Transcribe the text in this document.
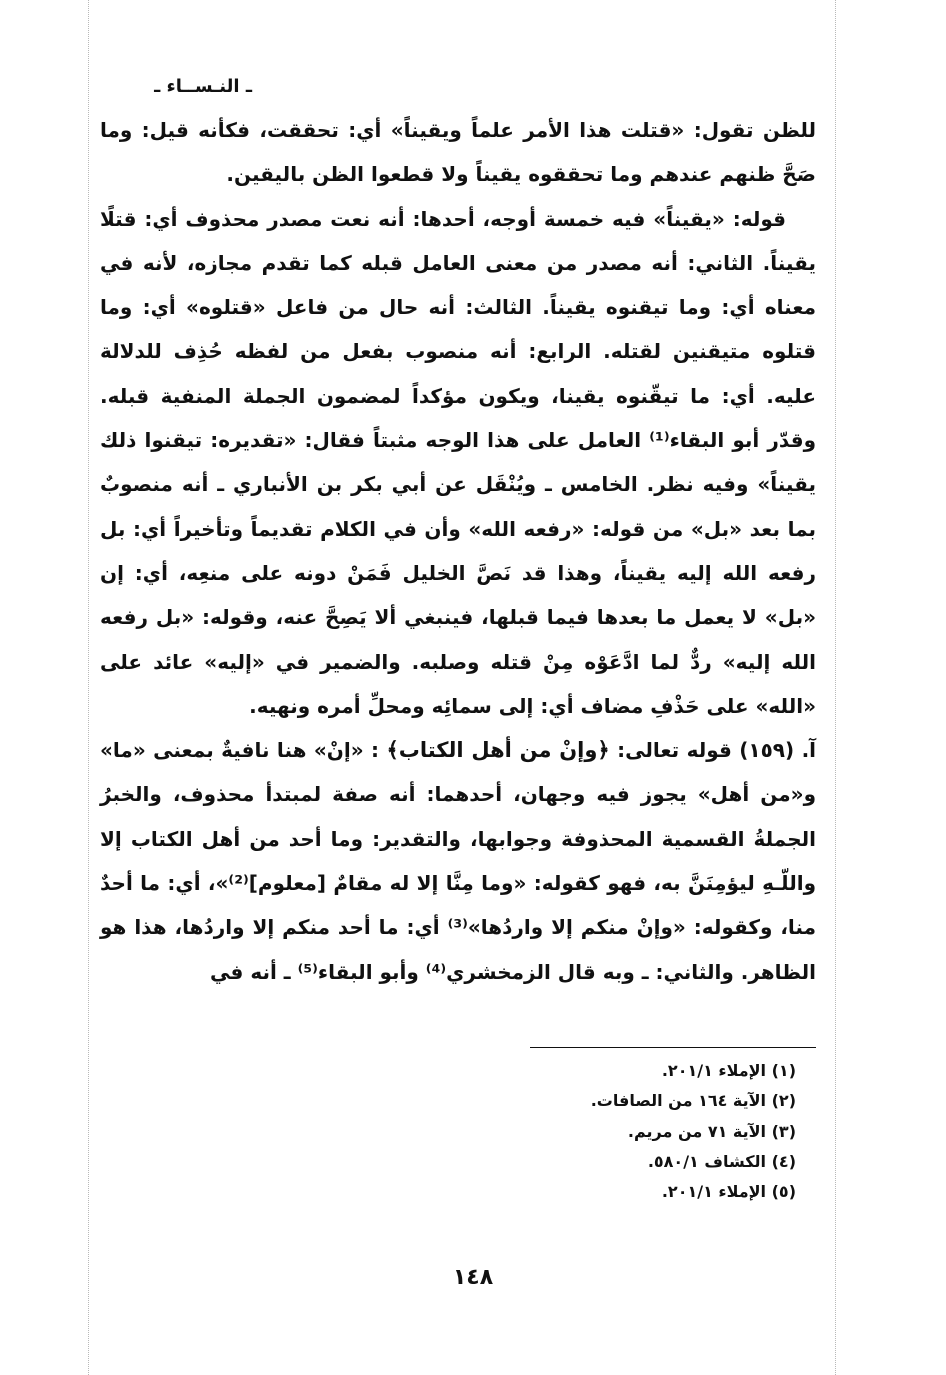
ـ النـســاء ـ

للظن تقول: «قتلت هذا الأمر علماً ويقيناً» أي: تحققت، فكأنه قيل: وما صَحَّ ظنهم عندهم وما تحققوه يقيناً ولا قطعوا الظن باليقين.

قوله: «يقيناً» فيه خمسة أوجه، أحدها: أنه نعت مصدر محذوف أي: قتلًا يقيناً. الثاني: أنه مصدر من معنى العامل قبله كما تقدم مجازه، لأنه في معناه أي: وما تيقنوه يقيناً. الثالث: أنه حال من فاعل «قتلوه» أي: وما قتلوه متيقنين لقتله. الرابع: أنه منصوب بفعل من لفظه حُذِف للدلالة عليه. أي: ما تيقّنوه يقينا، ويكون مؤكداً لمضمون الجملة المنفية قبله. وقدّر أبو البقاء⁽¹⁾ العامل على هذا الوجه مثبتاً فقال: «تقديره: تيقنوا ذلك يقيناً» وفيه نظر. الخامس ـ ويُنْقَل عن أبي بكر بن الأنباري ـ أنه منصوبٌ بما بعد «بل» من قوله: «رفعه الله» وأن في الكلام تقديماً وتأخيراً أي: بل رفعه الله إليه يقيناً، وهذا قد نَصَّ الخليل فَمَنْ دونه على منعِه، أي: إن «بل» لا يعمل ما بعدها فيما قبلها، فينبغي ألا يَصِحَّ عنه، وقوله: «بل رفعه الله إليه» ردٌّ لما ادَّعَوْه مِنْ قتله وصلبه. والضمير في «إليه» عائد على «الله» على حَذْفِ مضاف أي: إلى سمائِه ومحلِّ أمره ونهيه.

آ. (١٥٩) قوله تعالى: ﴿وإنْ من أهل الكتاب﴾ : «إنْ» هنا نافيةٌ بمعنى «ما» و«من أهل» يجوز فيه وجهان، أحدهما: أنه صفة لمبتدأ محذوف، والخبرُ الجملةُ القسمية المحذوفة وجوابها، والتقدير: وما أحد من أهل الكتاب إلا واللّـهِ ليؤمِنَنَّ به، فهو كقوله: «وما مِنَّا إلا له مقامٌ [معلوم]⁽²⁾»، أي: ما أحدٌ منا، وكقوله: «وإنْ منكم إلا واردُها»⁽³⁾ أي: ما أحد منكم إلا واردُها، هذا هو الظاهر. والثاني: ـ وبه قال الزمخشري⁽⁴⁾ وأبو البقاء⁽⁵⁾ ـ أنه في

(١) الإملاء ٢٠١/١.

(٢) الآية ١٦٤ من الصافات.

(٣) الآية ٧١ من مريم.

(٤) الكشاف ٥٨٠/١.

(٥) الإملاء ٢٠١/١.

١٤٨
